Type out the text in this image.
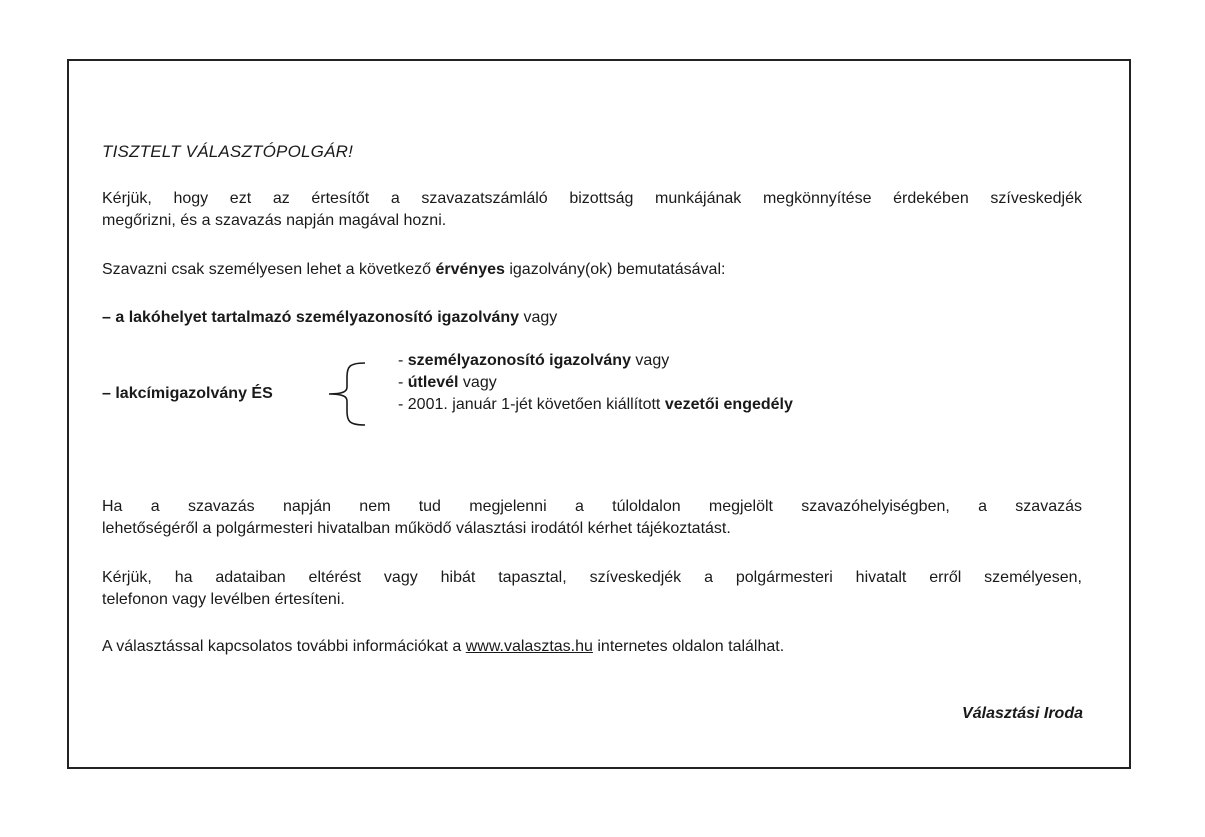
TISZTELT VÁLASZTÓPOLGÁR!
Kérjük, hogy ezt az értesítőt a szavazatszámláló bizottság munkájának megkönnyítése érdekében szíveskedjék
megőrizni, és a szavazás napján magával hozni.
Szavazni csak személyesen lehet a következő érvényes igazolvány(ok) bemutatásával:
– a lakóhelyet tartalmazó személyazonosító igazolvány vagy
– lakcímigazolvány ÉS
- személyazonosító igazolvány vagy
- útlevél vagy
- 2001. január 1-jét követően kiállított vezetői engedély
Ha a szavazás napján nem tud megjelenni a túloldalon megjelölt szavazóhelyiségben, a szavazás
lehetőségéről a polgármesteri hivatalban működő választási irodától kérhet tájékoztatást.
Kérjük, ha adataiban eltérést vagy hibát tapasztal, szíveskedjék a polgármesteri hivatalt erről személyesen,
telefonon vagy levélben értesíteni.
A választással kapcsolatos további információkat a www.valasztas.hu internetes oldalon találhat.
Választási Iroda
